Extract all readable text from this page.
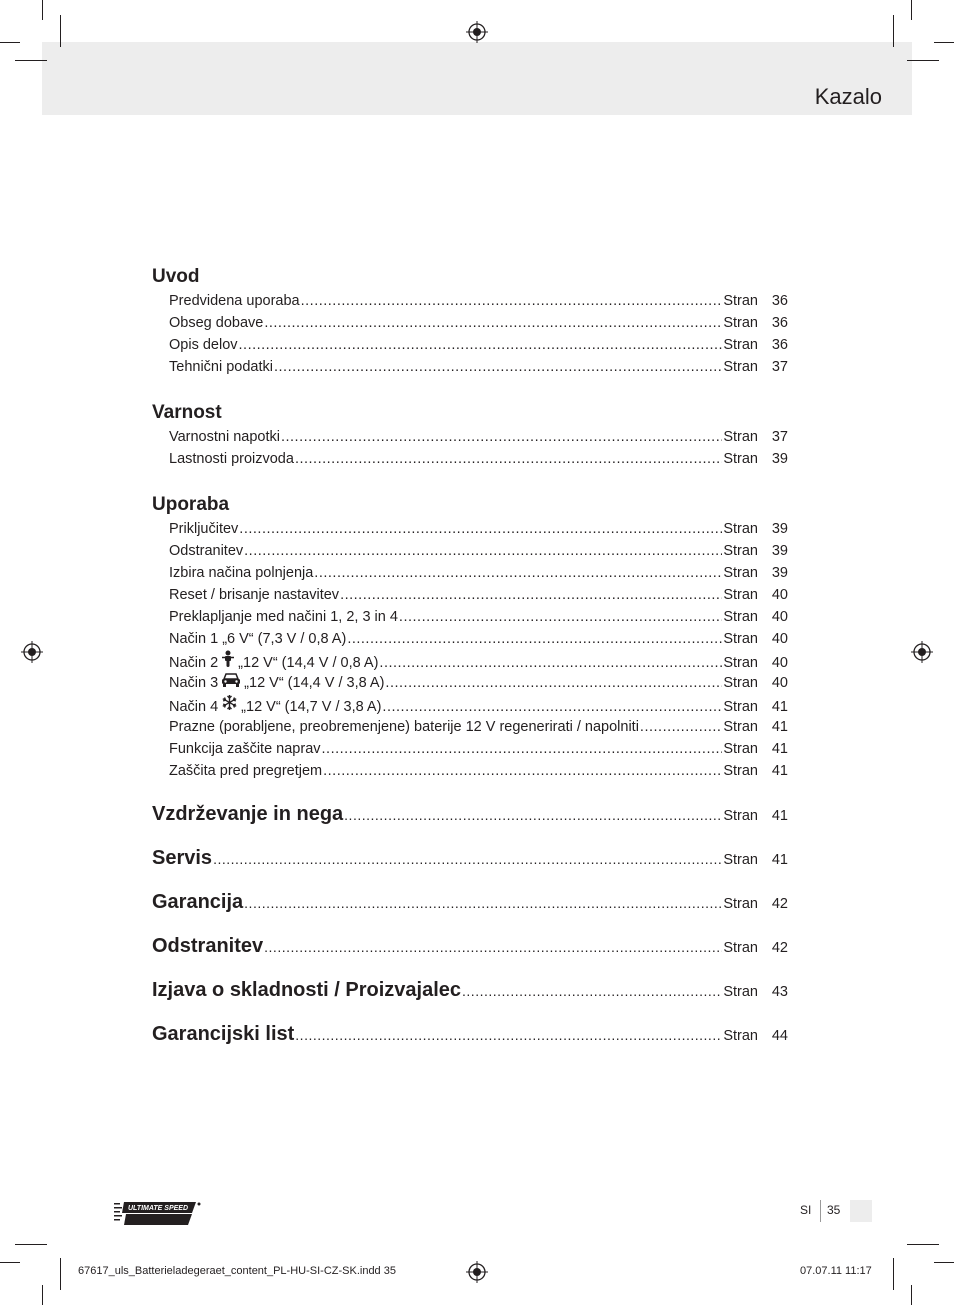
Kazalo
Uvod
Predvidena uporaba .....	Stran 36
Obseg dobave .....	Stran 36
Opis delov .....	Stran 36
Tehnični podatki .....	Stran 37
Varnost
Varnostni napotki .....	Stran 37
Lastnosti proizvoda .....	Stran 39
Uporaba
Priključitev .....	Stran 39
Odstranitev .....	Stran 39
Izbira načina polnjenja .....	Stran 39
Reset / brisanje nastavitev .....	Stran 40
Preklapljanje med načini 1, 2, 3 in 4 .....	Stran 40
Način 1 „6 V“ (7,3 V / 0,8 A) .....	Stran 40
Način 2 „12 V“ (14,4 V / 0,8 A) .....	Stran 40
Način 3 „12 V“ (14,4 V / 3,8 A) .....	Stran 40
Način 4 „12 V“ (14,7 V / 3,8 A) .....	Stran 41
Prazne (porabljene, preobremenjene) baterije 12 V regenerirati / napolniti .....	Stran 41
Funkcija zaščite naprav .....	Stran 41
Zaščita pred pregretjem .....	Stran 41
Vzdrževanje in nega .....	Stran 41
Servis .....	Stran 41
Garancija .....	Stran 42
Odstranitev .....	Stran 42
Izjava o skladnosti / Proizvajalec .....	Stran 43
Garancijski list .....	Stran 44
ULTIMATE SPEED	SI 35
67617_uls_Batterieladegeraet_content_PL-HU-SI-CZ-SK.indd 35	07.07.11 11:17
